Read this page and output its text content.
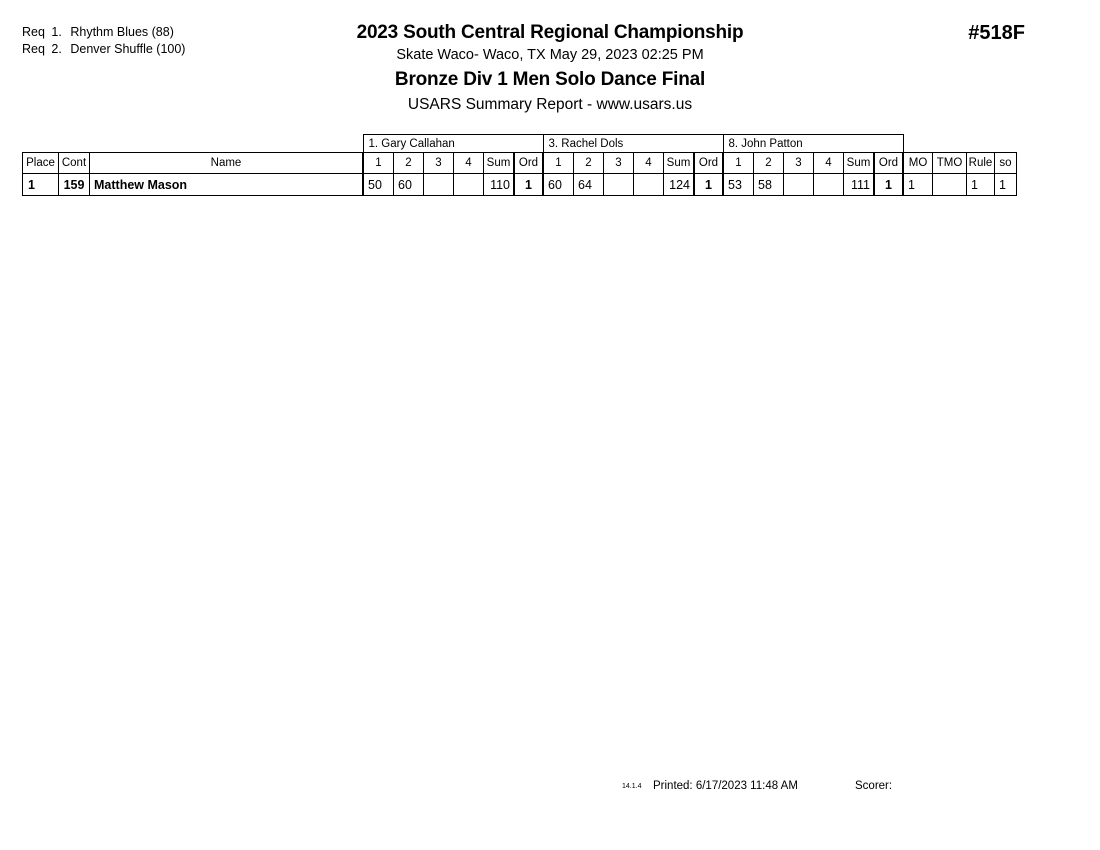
Req 1. Rhythm Blues (88)
Req 2. Denver Shuffle (100)
2023 South Central Regional Championship
Skate Waco- Waco, TX May 29, 2023 02:25 PM
Bronze Div 1 Men Solo Dance Final
USARS Summary Report - www.usars.us
#518F
			1. Gary Callahan						3. Rachel Dols						8. John Patton									
Place	Cont	Name	1	2	3	4	Sum	Ord	1	2	3	4	Sum	Ord	1	2	3	4	Sum	Ord	MO	TMO	Rule	so
1	159	Matthew Mason	50	60			110	1	60	64			124	1	53	58			111	1	1		1	1
14.1.4 Printed: 6/17/2023 11:48 AM	Scorer:
